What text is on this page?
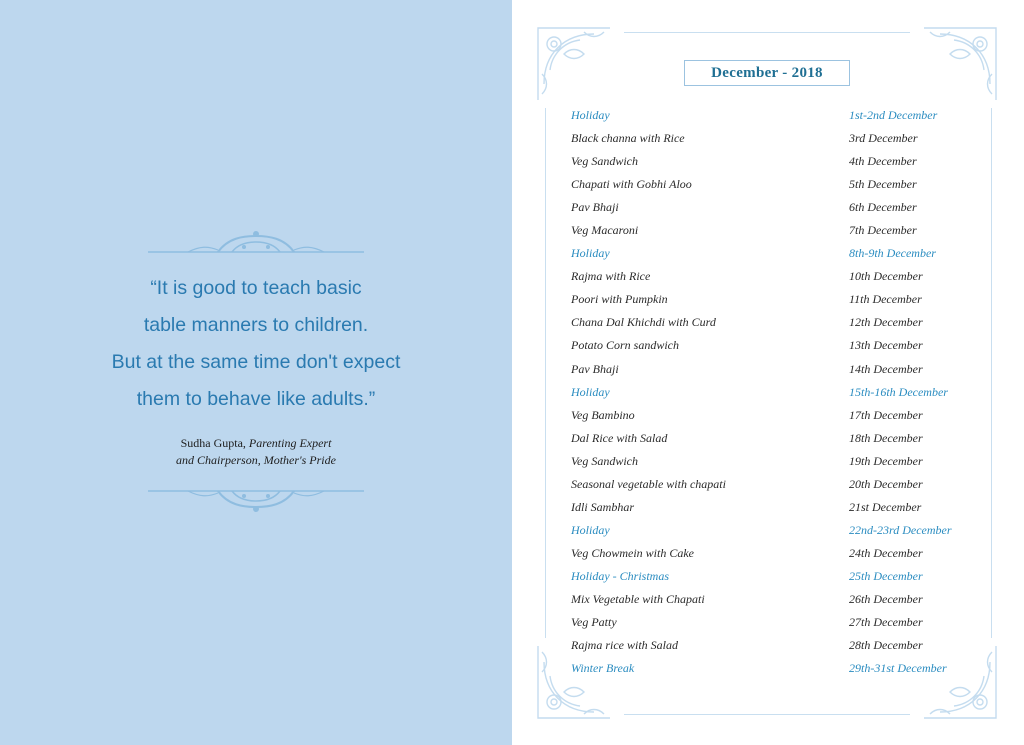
“It is good to teach basic
table manners to children.
But at the same time don't expect
them to behave like adults.”
Sudha Gupta, Parenting Expert
and Chairperson, Mother's Pride
December - 2018
Holiday	1st-2nd December
Black channa with Rice	3rd December
Veg Sandwich	4th December
Chapati with Gobhi Aloo	5th December
Pav Bhaji	6th December
Veg Macaroni	7th December
Holiday	8th-9th December
Rajma with Rice	10th December
Poori with Pumpkin	11th December
Chana Dal Khichdi with Curd	12th December
Potato Corn sandwich	13th December
Pav Bhaji	14th December
Holiday	15th-16th December
Veg Bambino	17th December
Dal Rice with Salad	18th December
Veg Sandwich	19th December
Seasonal vegetable with chapati	20th December
Idli Sambhar	21st December
Holiday	22nd-23rd December
Veg Chowmein with Cake	24th December
Holiday - Christmas	25th December
Mix Vegetable with Chapati	26th December
Veg Patty	27th December
Rajma rice with Salad	28th December
Winter Break	29th-31st December
